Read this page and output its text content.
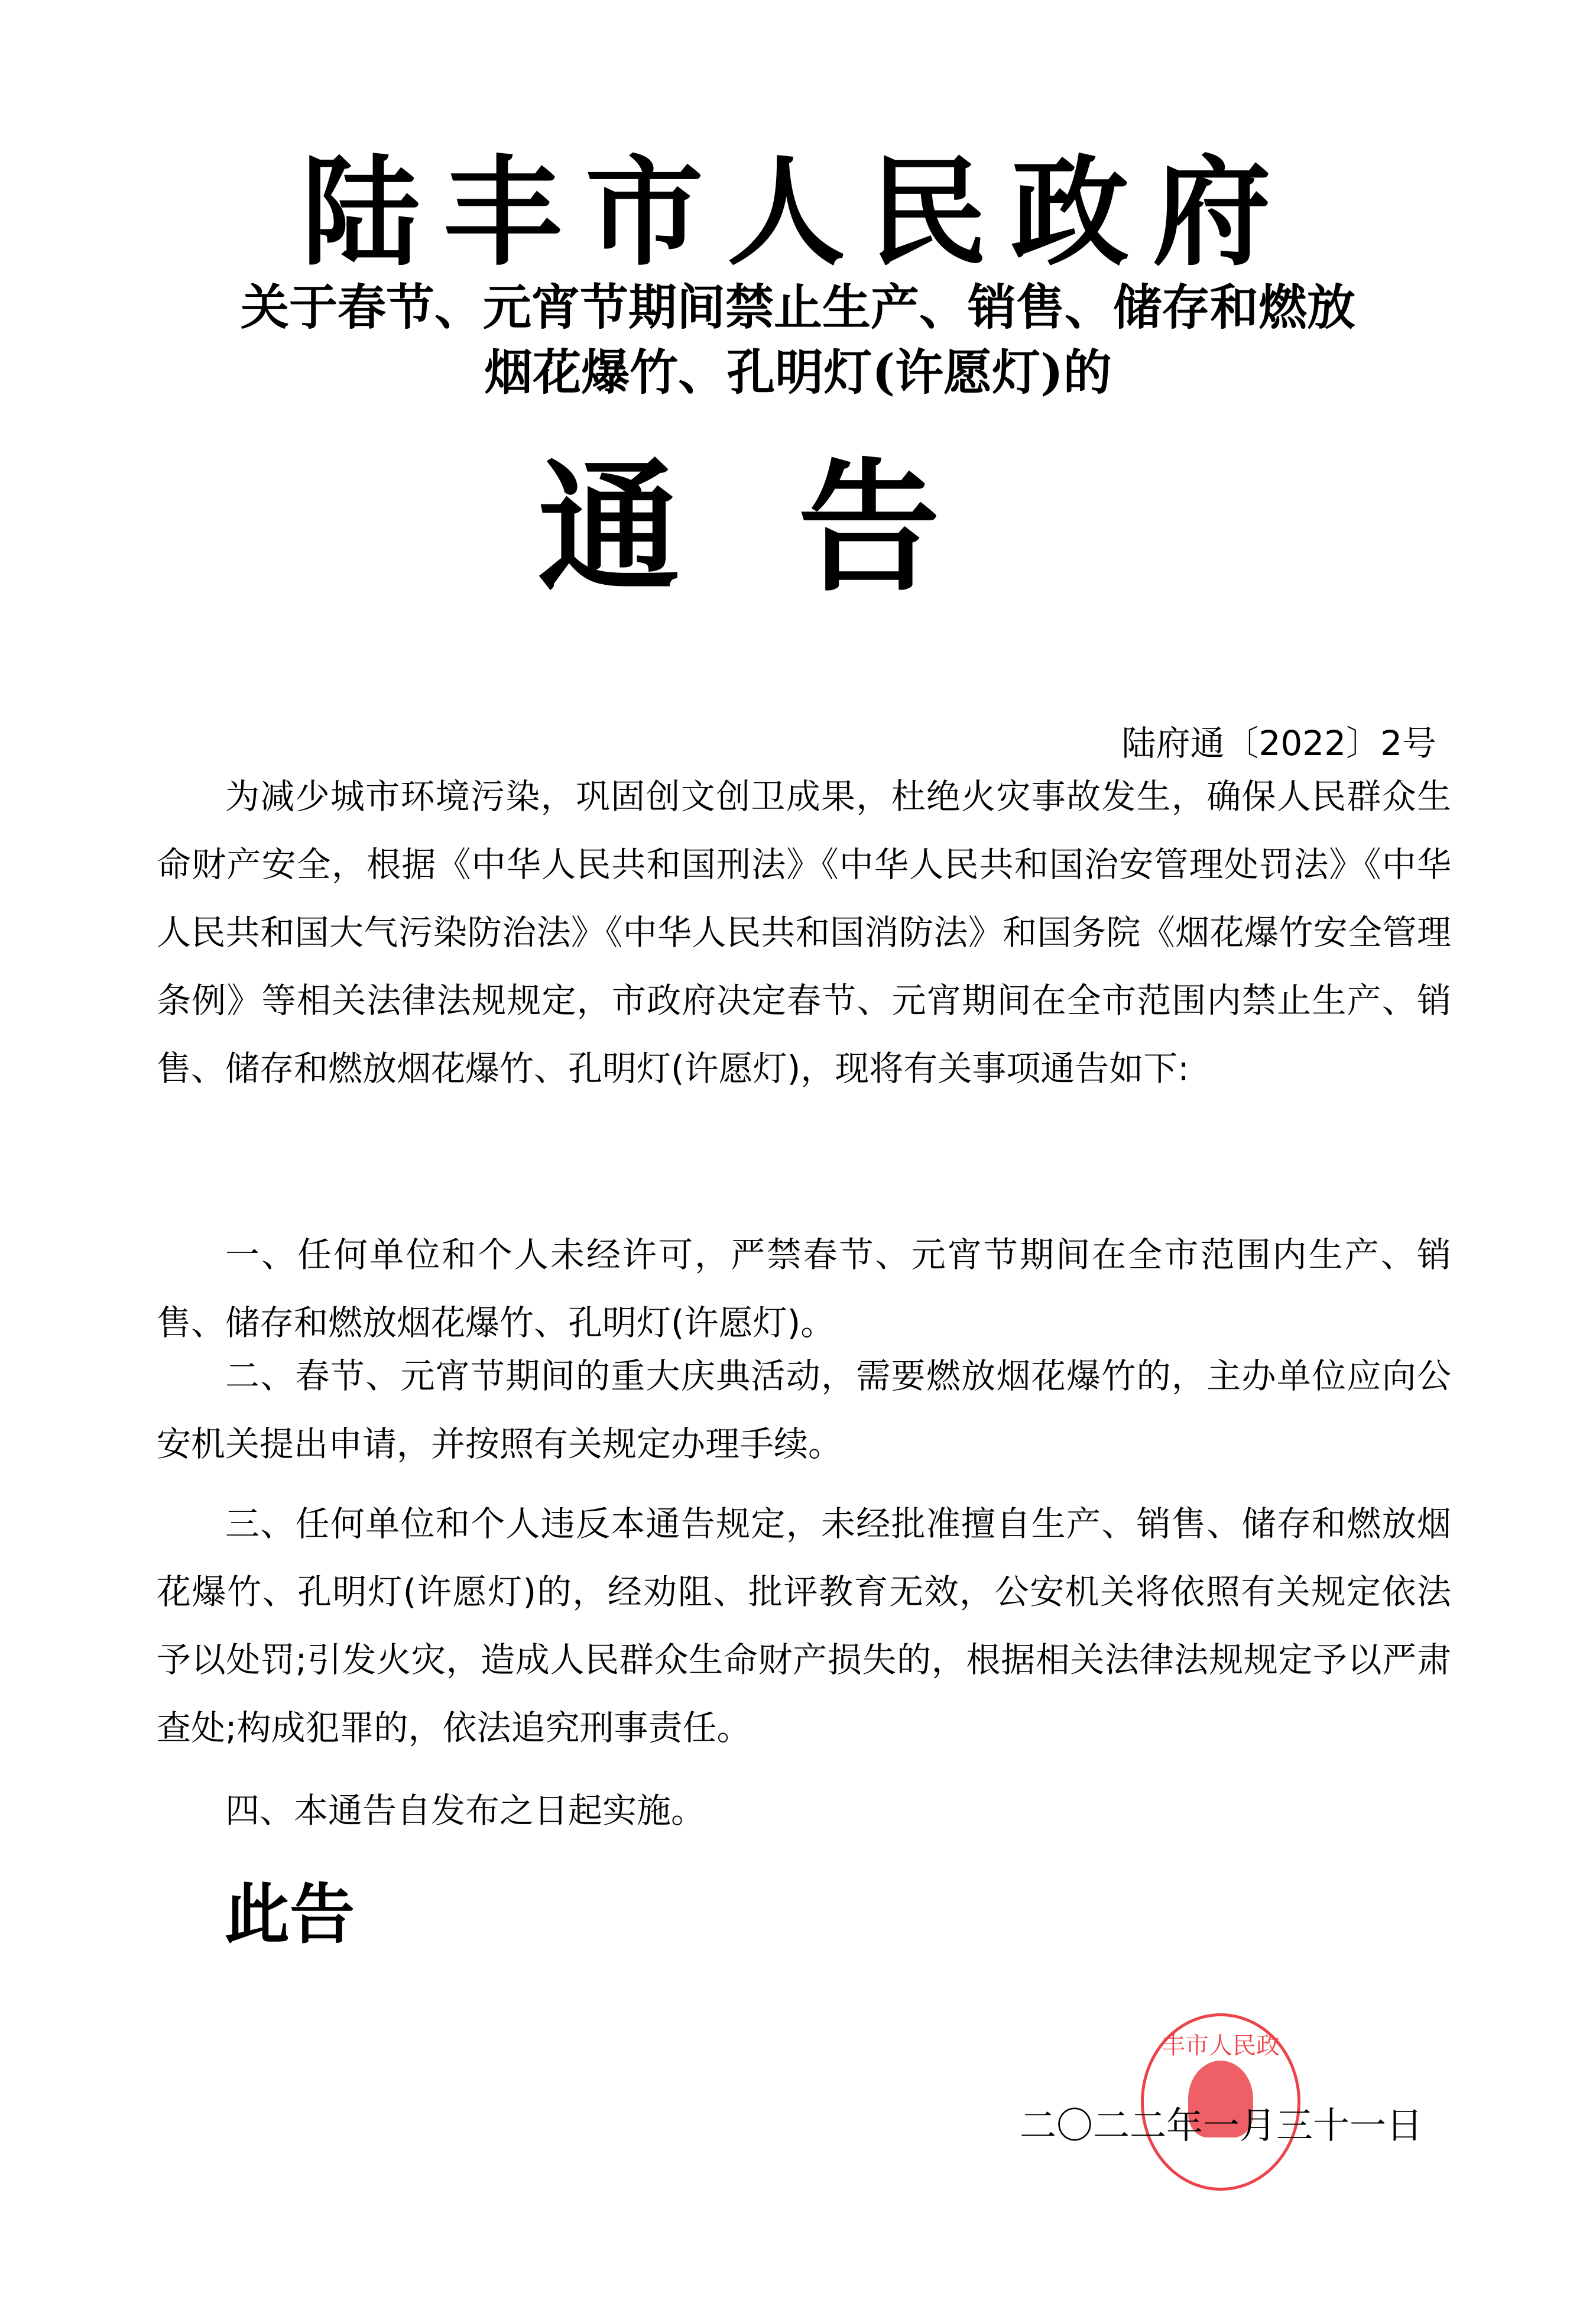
陆丰市人民政府
关于春节、元宵节期间禁止生产、销售、储存和燃放
烟花爆竹、孔明灯(许愿灯)的
通告
陆府通〔2022〕2号
为减少城市环境污染，巩固创文创卫成果，杜绝火灾事故发生，确保人民群众生命财产安全，根据《中华人民共和国刑法》《中华人民共和国治安管理处罚法》《中华人民共和国大气污染防治法》《中华人民共和国消防法》和国务院《烟花爆竹安全管理条例》等相关法律法规规定，市政府决定春节、元宵期间在全市范围内禁止生产、销售、储存和燃放烟花爆竹、孔明灯(许愿灯)，现将有关事项通告如下:
一、任何单位和个人未经许可，严禁春节、元宵节期间在全市范围内生产、销售、储存和燃放烟花爆竹、孔明灯(许愿灯)。
二、春节、元宵节期间的重大庆典活动，需要燃放烟花爆竹的，主办单位应向公安机关提出申请，并按照有关规定办理手续。
三、任何单位和个人违反本通告规定，未经批准擅自生产、销售、储存和燃放烟花爆竹、孔明灯(许愿灯)的，经劝阻、批评教育无效，公安机关将依照有关规定依法予以处罚;引发火灾，造成人民群众生命财产损失的，根据相关法律法规规定予以严肃查处;构成犯罪的，依法追究刑事责任。
四、本通告自发布之日起实施。
此告
丰市人民政
二〇二二年一月三十一日
